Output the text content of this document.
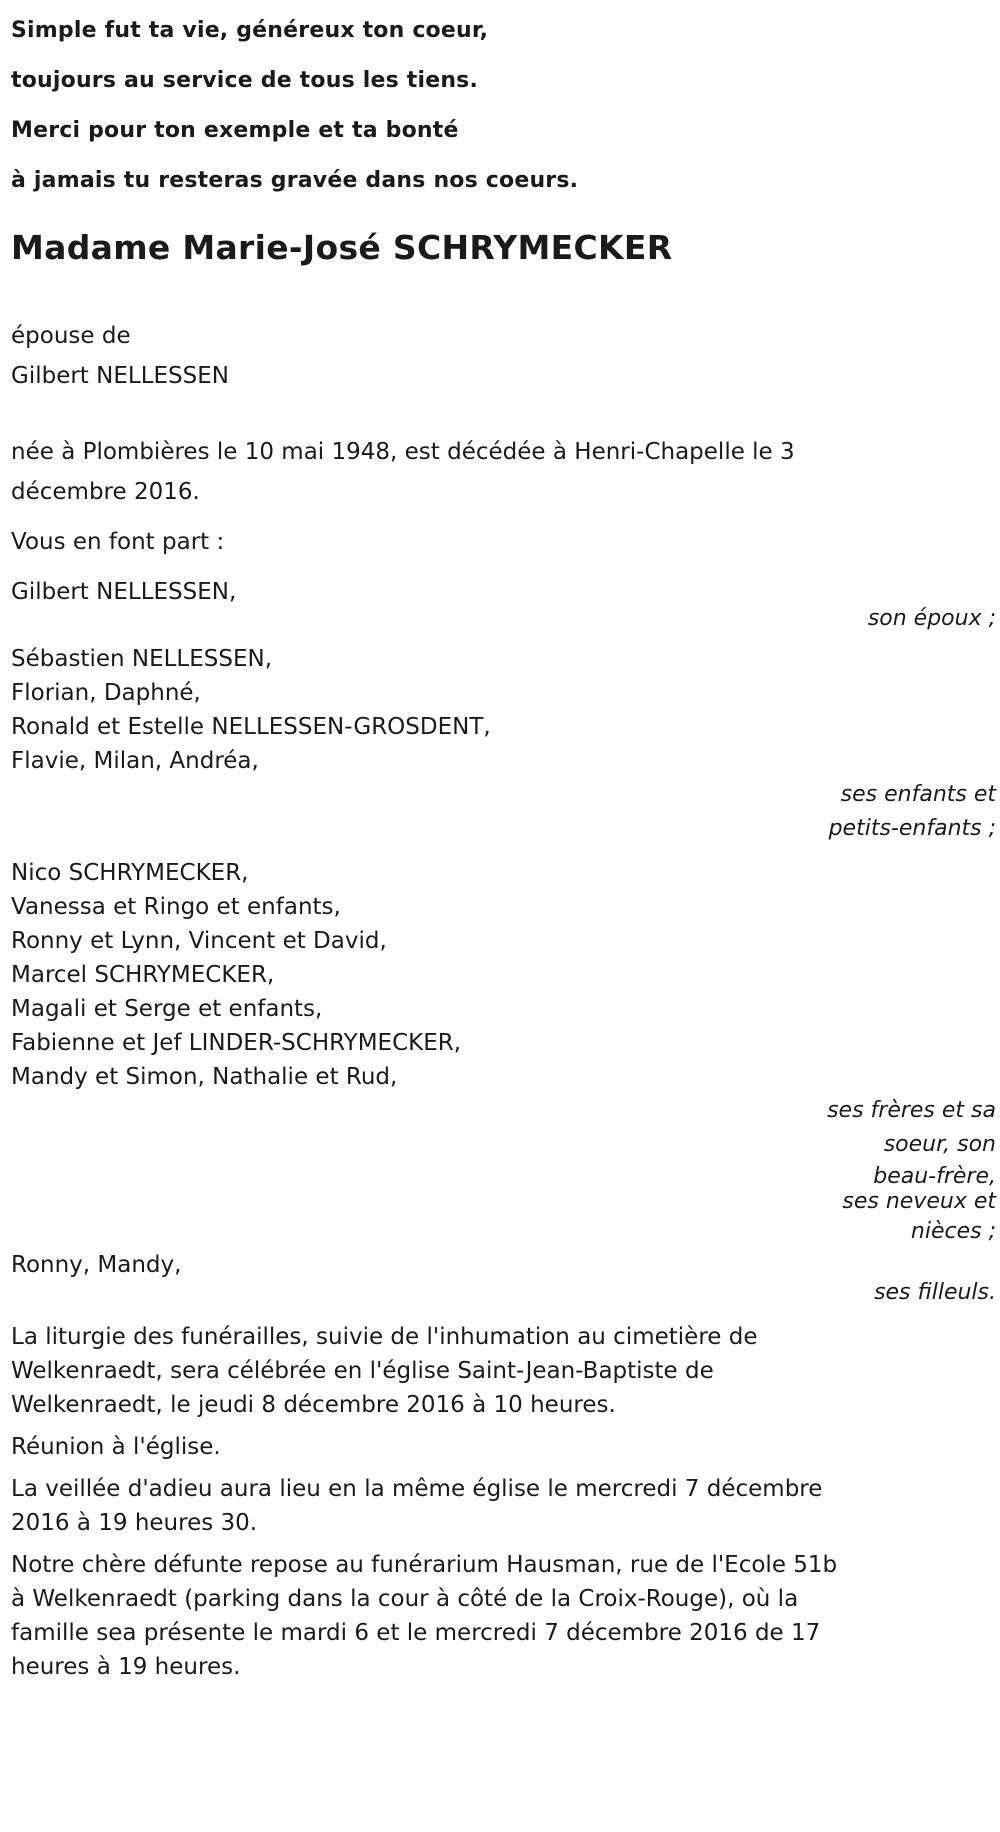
Simple fut ta vie, généreux ton coeur,

toujours au service de tous les tiens.

Merci pour ton exemple et ta bonté

à jamais tu resteras gravée dans nos coeurs.

Madame Marie-José SCHRYMECKER

épouse de

Gilbert NELLESSEN

née à Plombières le 10 mai 1948, est décédée à Henri-Chapelle le 3

décembre 2016.

Vous en font part :

Gilbert NELLESSEN,

son époux ;

Sébastien NELLESSEN,

Florian, Daphné,

Ronald et Estelle NELLESSEN-GROSDENT,

Flavie, Milan, Andréa,

ses enfants et

petits-enfants ;

Nico SCHRYMECKER,

Vanessa et Ringo et enfants,

Ronny et Lynn, Vincent et David,

Marcel SCHRYMECKER,

Magali et Serge et enfants,

Fabienne et Jef LINDER-SCHRYMECKER,

Mandy et Simon, Nathalie et Rud,

ses frères et sa

soeur, son

beau-frère,

ses neveux et

nièces ;

Ronny, Mandy,

ses filleuls.

La liturgie des funérailles, suivie de l'inhumation au cimetière de

Welkenraedt, sera célébrée en l'église Saint-Jean-Baptiste de

Welkenraedt, le jeudi 8 décembre 2016 à 10 heures.

Réunion à l'église.

La veillée d'adieu aura lieu en la même église le mercredi 7 décembre

2016 à 19 heures 30.

Notre chère défunte repose au funérarium Hausman, rue de l'Ecole 51b

à Welkenraedt (parking dans la cour à côté de la Croix-Rouge), où la

famille sea présente le mardi 6 et le mercredi 7 décembre 2016 de 17

heures à 19 heures.
